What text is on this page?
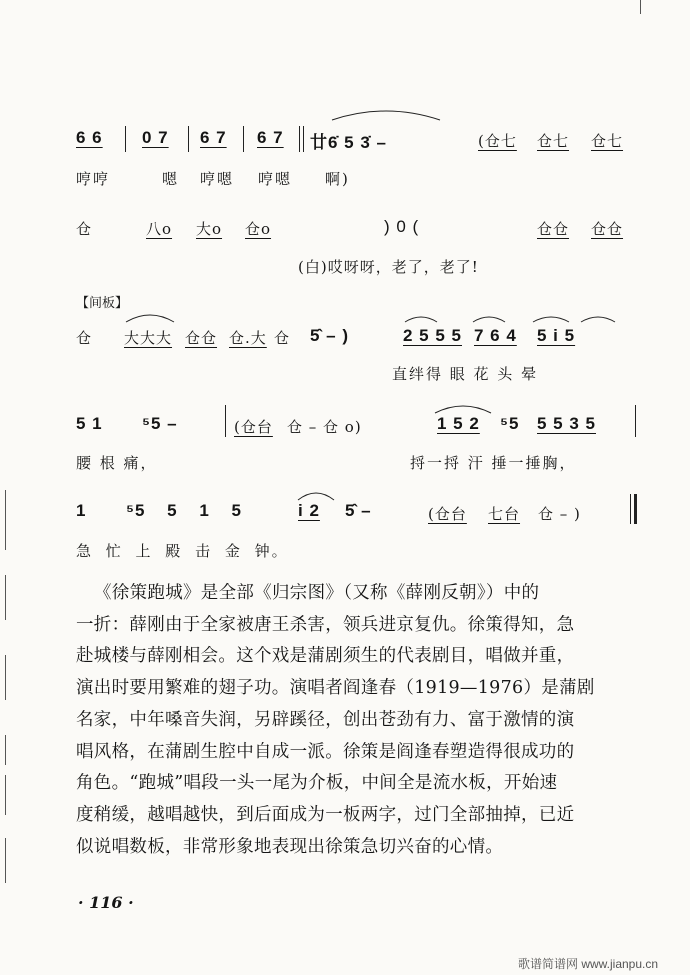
6 6 0 7 6 7 6 7 廿6̇ 5 3̇ –	(仓七 仓七 仓七
哼哼	嗯 哼嗯 哼嗯 啊)
仓	八o 大o 仓o	) 0 (	仓仓 仓仓
(白)哎呀呀，老了，老了!
【间板】
仓 大大大 仓仓 仓.大 仓 5̂ – )	2 5 5 5 7 6 4 5 i 5
直绊得 眼 花 头 晕
5 1 ⁵5 –	(仓台 仓 – 仓 o)	1 5 2 ⁵5 5 5 3 5
腰 根 痛，	捋一捋 汗 捶一捶胸，
1 ⁵5 5 1 5	i 2 5̂ –	(仓台 七台 仓 – )
急 忙 上 殿 击 金 钟。

《徐策跑城》是全部《归宗图》（又称《薛刚反朝》）中的

一折：薛刚由于全家被唐王杀害，领兵进京复仇。徐策得知，急

赴城楼与薛刚相会。这个戏是蒲剧须生的代表剧目，唱做并重，

演出时要用繁难的翅子功。演唱者阎逢春（1919—1976）是蒲剧

名家，中年嗓音失润，另辟蹊径，创出苍劲有力、富于激情的演

唱风格，在蒲剧生腔中自成一派。徐策是阎逢春塑造得很成功的

角色。“跑城”唱段一头一尾为介板，中间全是流水板，开始速

度稍缓，越唱越快，到后面成为一板两字，过门全部抽掉，已近

似说唱数板，非常形象地表现出徐策急切兴奋的心情。

· 116 ·
歌谱简谱网 www.jianpu.cn
